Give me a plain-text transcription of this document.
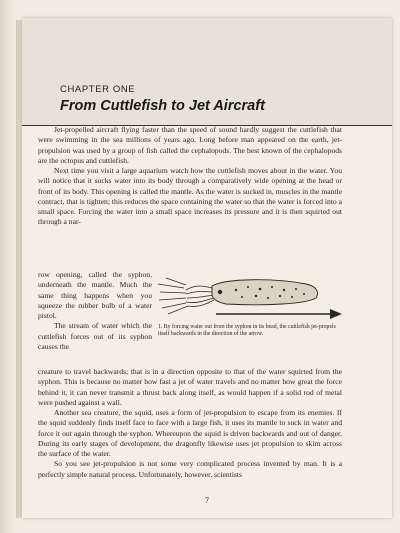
CHAPTER ONE
From Cuttlefish to Jet Aircraft

Jet-propelled aircraft flying faster than the speed of sound hardly suggest the cuttlefish that were swimming in the sea millions of years ago. Long before man appeared on the earth, jet-propulsion was used by a group of fish called the cephalopods. The best known of the cephalopods are the octopus and cuttlefish.

Next time you visit a large aquarium watch how the cuttlefish moves about in the water. You will notice that it sucks water into its body through a comparatively wide opening at the head or front of its body. This opening is called the mantle. As the water is sucked in, muscles in the mantle contract, that is tighten; this reduces the space containing the water so that the water is forced into a small space. Forcing the water into a small space increases its pressure and it is then squirted out through a nar-

row opening, called the syphon, underneath the mantle. Much the same thing happens when you squeeze the rubber bulb of a water pistol.

The stream of water which the cuttlefish forces out of its syphon causes the

1. By forcing water out from the syphon in its head, the cuttlefish jet-propels itself backwards in the direction of the arrow.

creature to travel backwards; that is in a direction opposite to that of the water squirted from the syphon. This is because no matter how fast a jet of water travels and no matter how great the force behind it, it can never transmit a thrust back along itself, as would happen if a solid rod of metal were pushed against a wall.

Another sea creature, the squid, uses a form of jet-propulsion to escape from its enemies. If the squid suddenly finds itself face to face with a large fish, it uses its mantle to suck in water and force it out again through the syphon. Whereupon the squid is driven backwards and out of danger. During its early stages of development, the dragonfly likewise uses jet propulsion to skim across the surface of the water.

So you see jet-propulsion is not some very complicated process invented by man. It is a perfectly simple natural process. Unfortunately, however, scientists

7
